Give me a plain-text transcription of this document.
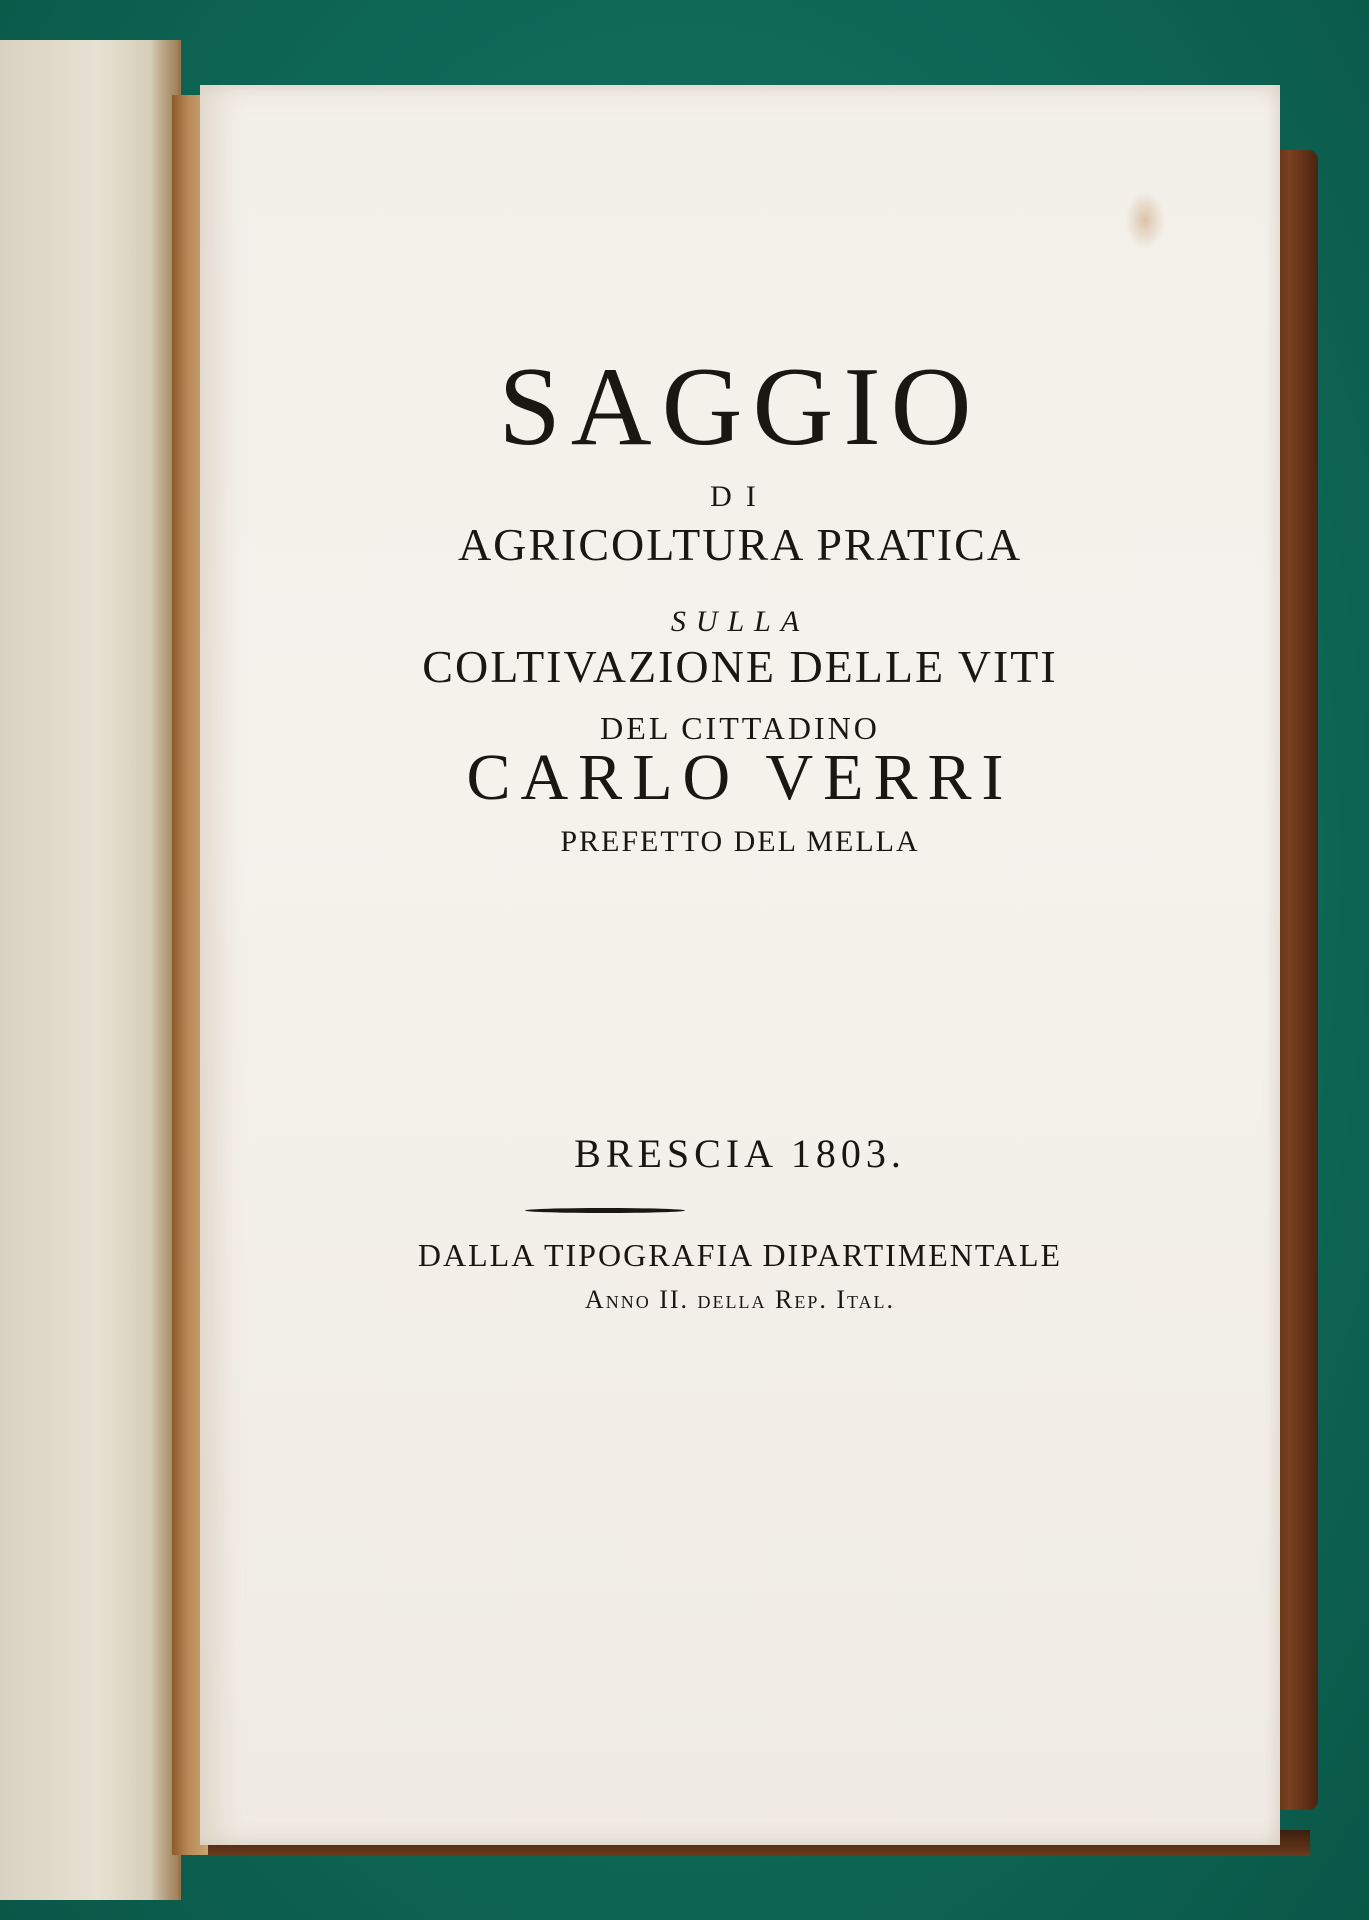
SAGGIO
DI
AGRICOLTURA PRATICA
SULLA
COLTIVAZIONE DELLE VITI
DEL CITTADINO
CARLO VERRI
PREFETTO DEL MELLA
BRESCIA 1803.
DALLA TIPOGRAFIA DIPARTIMENTALE
Anno II. della Rep. Ital.
